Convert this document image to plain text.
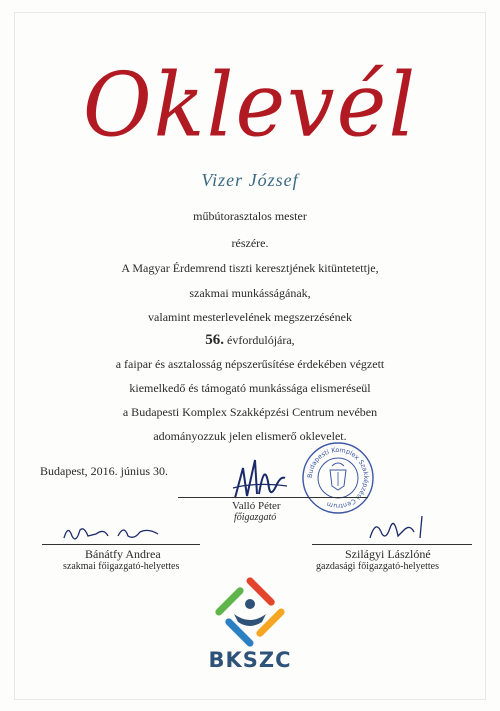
Oklevél
Vizer József
műbútorasztalos mester
részére.
A Magyar Érdemrend tiszti keresztjének kitüntetettje,
szakmai munkásságának,
valamint mesterlevelének megszerzésének
56. évfordulójára,
a faipar és asztalosság népszerűsítése érdekében végzett
kiemelkedő és támogató munkássága elismeréseül
a Budapesti Komplex Szakképzési Centrum nevében
adományozzuk jelen elismerő oklevelet.
Budapest, 2016. június 30.	Budapesti Komplex Szakképzési Centrum
Valló Péter
főigazgató
Bánátfy Andrea
szakmai főigazgató-helyettes
Szilágyi Lászlóné
gazdasági főigazgató-helyettes
BKSZC
